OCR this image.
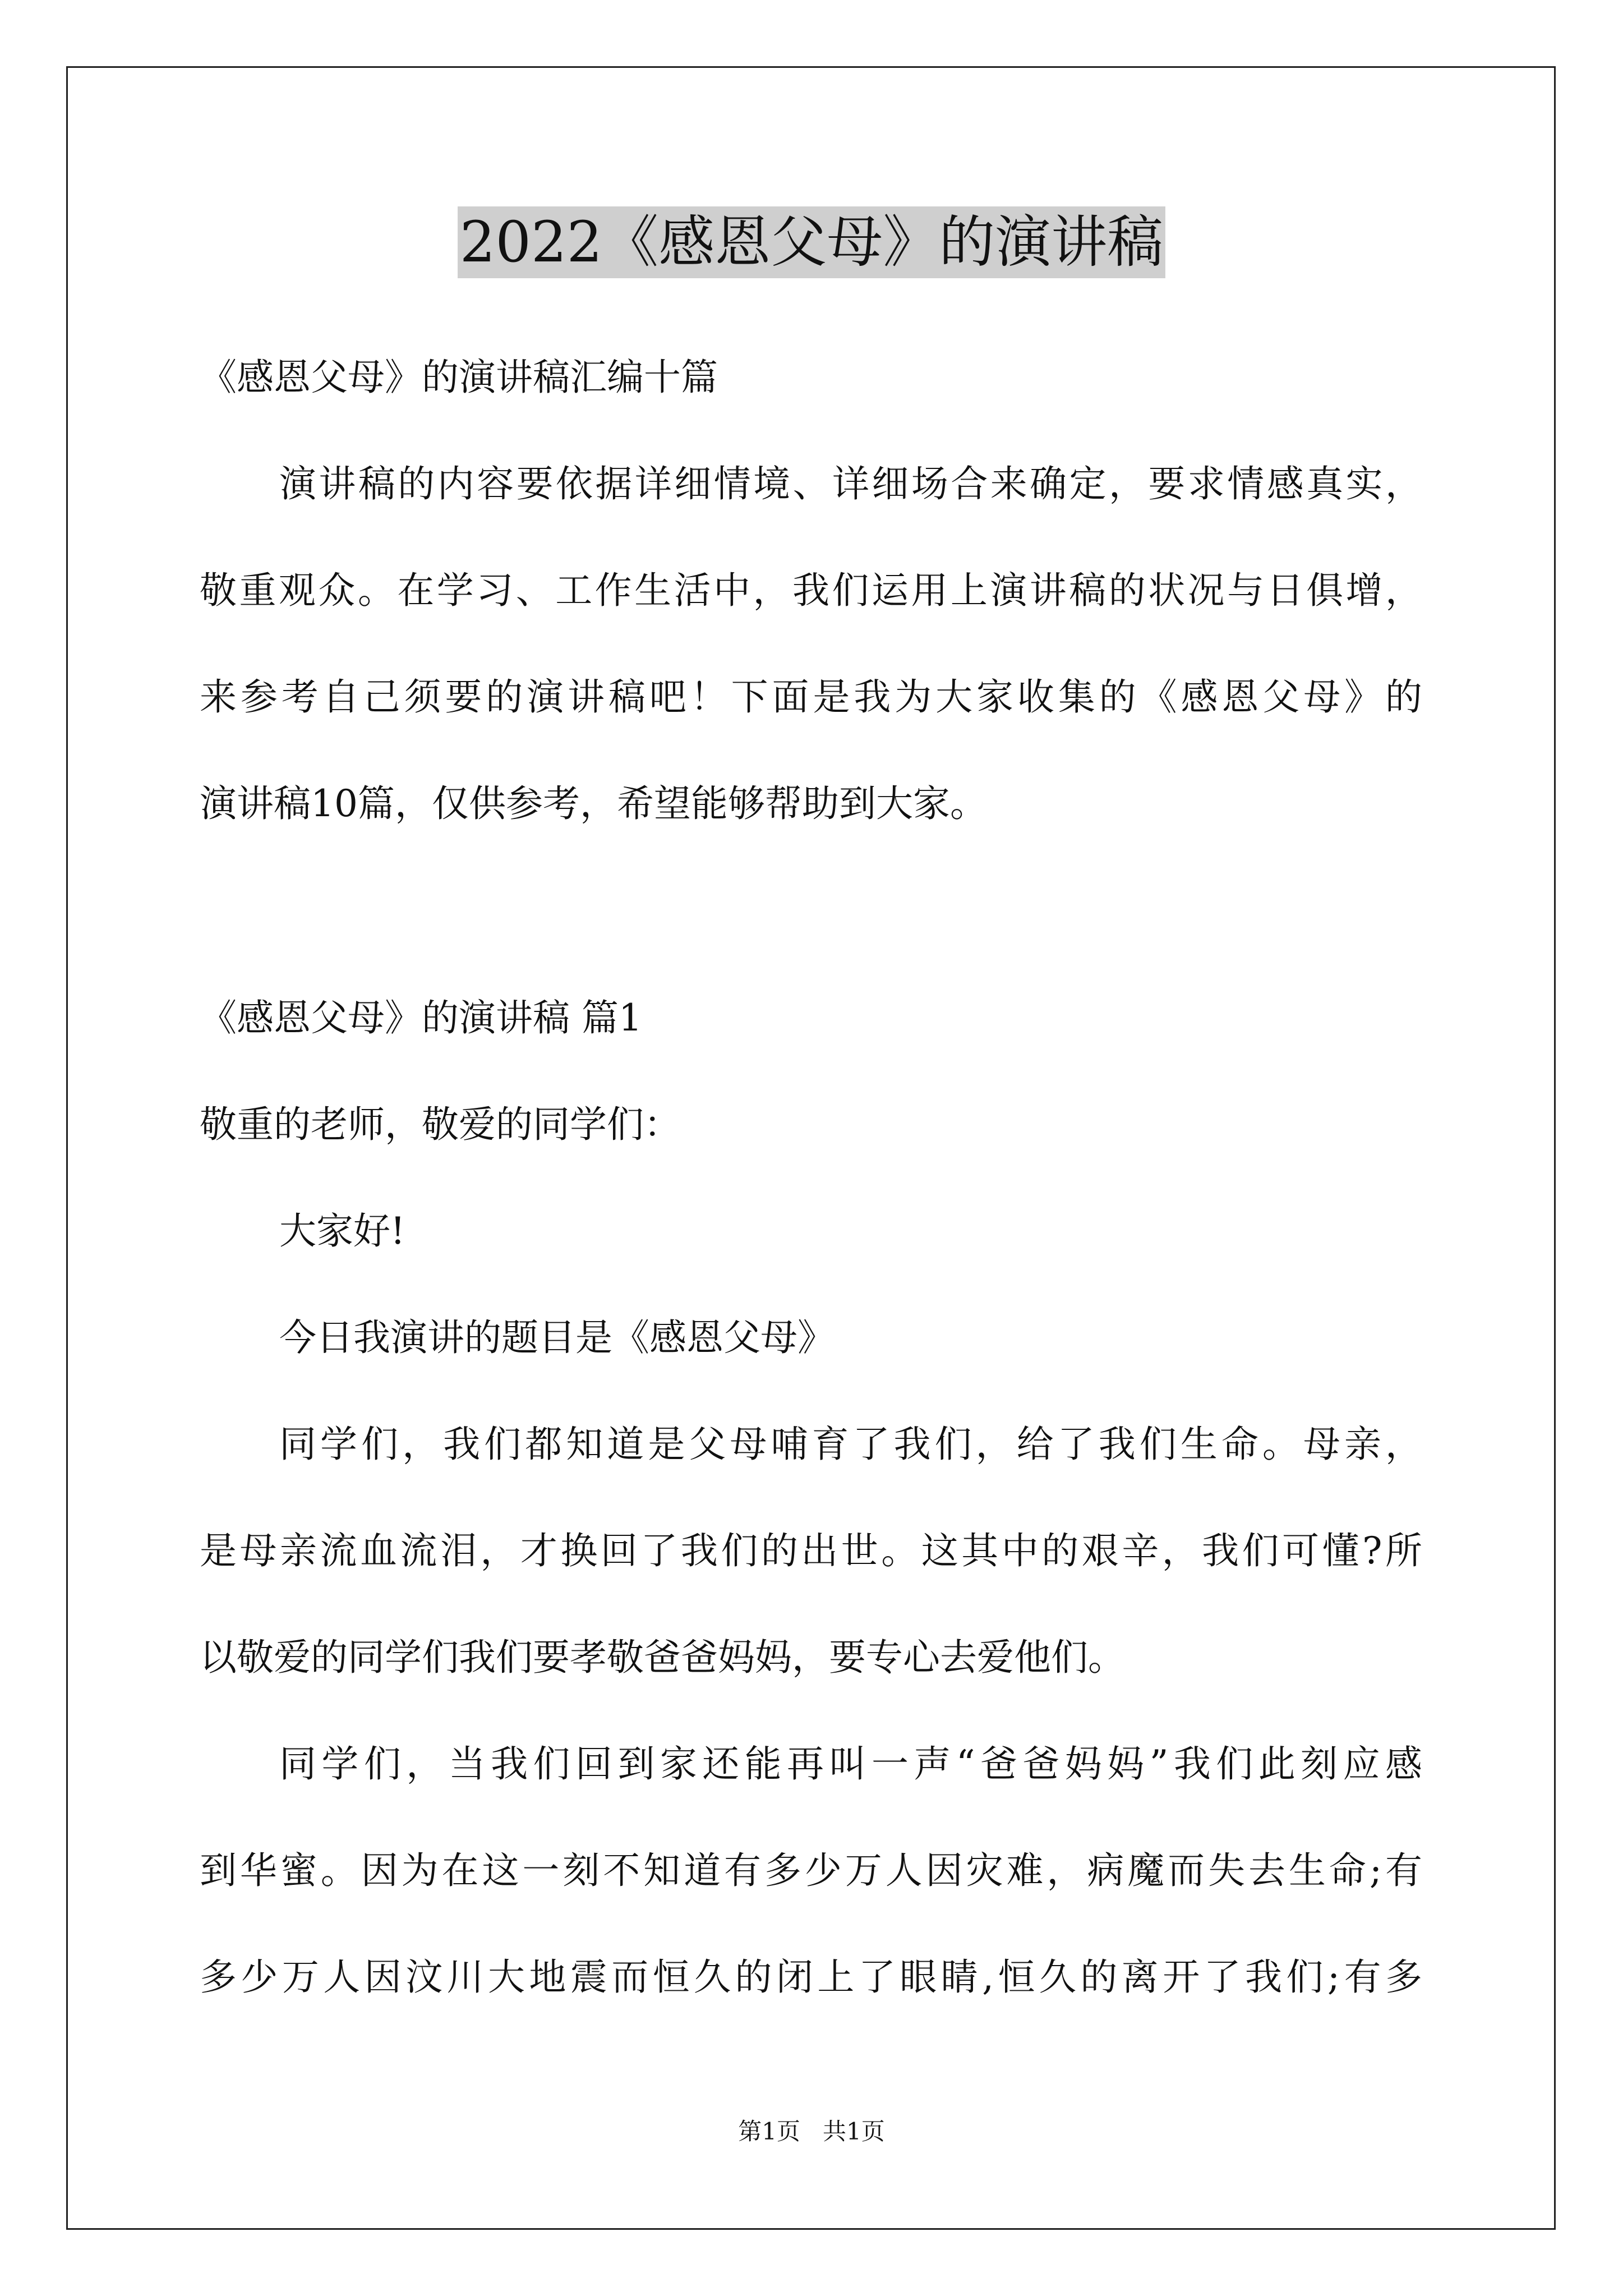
2022《感恩父母》的演讲稿
《感恩父母》的演讲稿汇编十篇
演讲稿的内容要依据详细情境、详细场合来确定，要求情感真实，
敬重观众。在学习、工作生活中，我们运用上演讲稿的状况与日俱增，
来参考自己须要的演讲稿吧！下面是我为大家收集的《感恩父母》的
演讲稿10篇，仅供参考，希望能够帮助到大家。
《感恩父母》的演讲稿 篇1
敬重的老师，敬爱的同学们：
大家好!
今日我演讲的题目是《感恩父母》
同学们，我们都知道是父母哺育了我们，给了我们生命。母亲，
是母亲流血流泪，才换回了我们的出世。这其中的艰辛，我们可懂?所
以敬爱的同学们我们要孝敬爸爸妈妈，要专心去爱他们。
同学们，当我们回到家还能再叫一声“爸爸妈妈”我们此刻应感
到华蜜。因为在这一刻不知道有多少万人因灾难，病魔而失去生命;有
多少万人因汶川大地震而恒久的闭上了眼睛,恒久的离开了我们;有多
第1页   共1页
